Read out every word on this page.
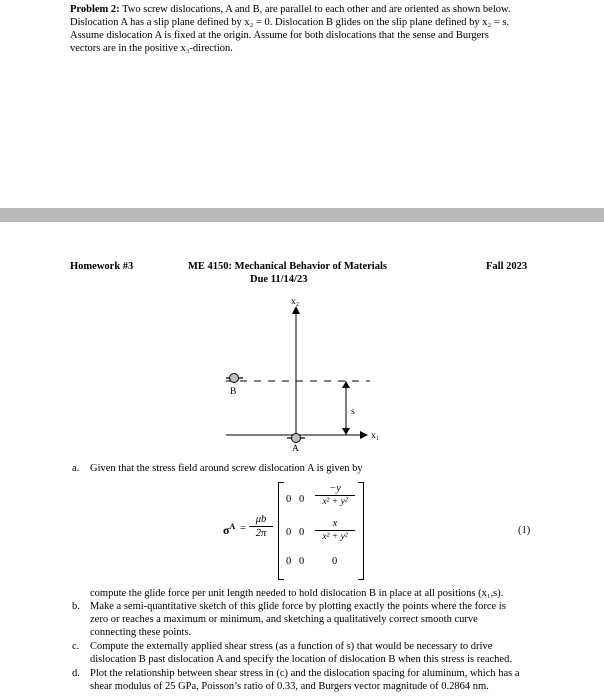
Problem 2: Two screw dislocations, A and B, are parallel to each other and are oriented as shown below.
Dislocation A has a slip plane defined by x₂ = 0. Dislocation B glides on the slip plane defined by x₂ = s.
Assume dislocation A is fixed at the origin. Assume for both dislocations that the sense and Burgers
vectors are in the positive x₃-direction.
Homework #3	ME 4150: Mechanical Behavior of Materials
Due 11/14/23
Fall 2023
x₂
x₁
B
s
A
a. Given that the stress field around screw dislocation A is given by
$\sigma^A$ =
μb
2π
0 0
−y
x² + y²
0 0
x
x² + y²
0 0	0
(1)
compute the glide force per unit length needed to hold dislocation B in place at all positions (x₁,s).
b. Make a semi-quantitative sketch of this glide force by plotting exactly the points where the force is
zero or reaches a maximum or minimum, and sketching a qualitatively correct smooth curve
connecting these points.
c. Compute the externally applied shear stress (as a function of s) that would be necessary to drive
dislocation B past dislocation A and specify the location of dislocation B when this stress is reached.
d. Plot the relationship between shear stress in (c) and the dislocation spacing for aluminum, which has a
shear modulus of 25 GPa, Poisson’s ratio of 0.33, and Burgers vector magnitude of 0.2864 nm.
